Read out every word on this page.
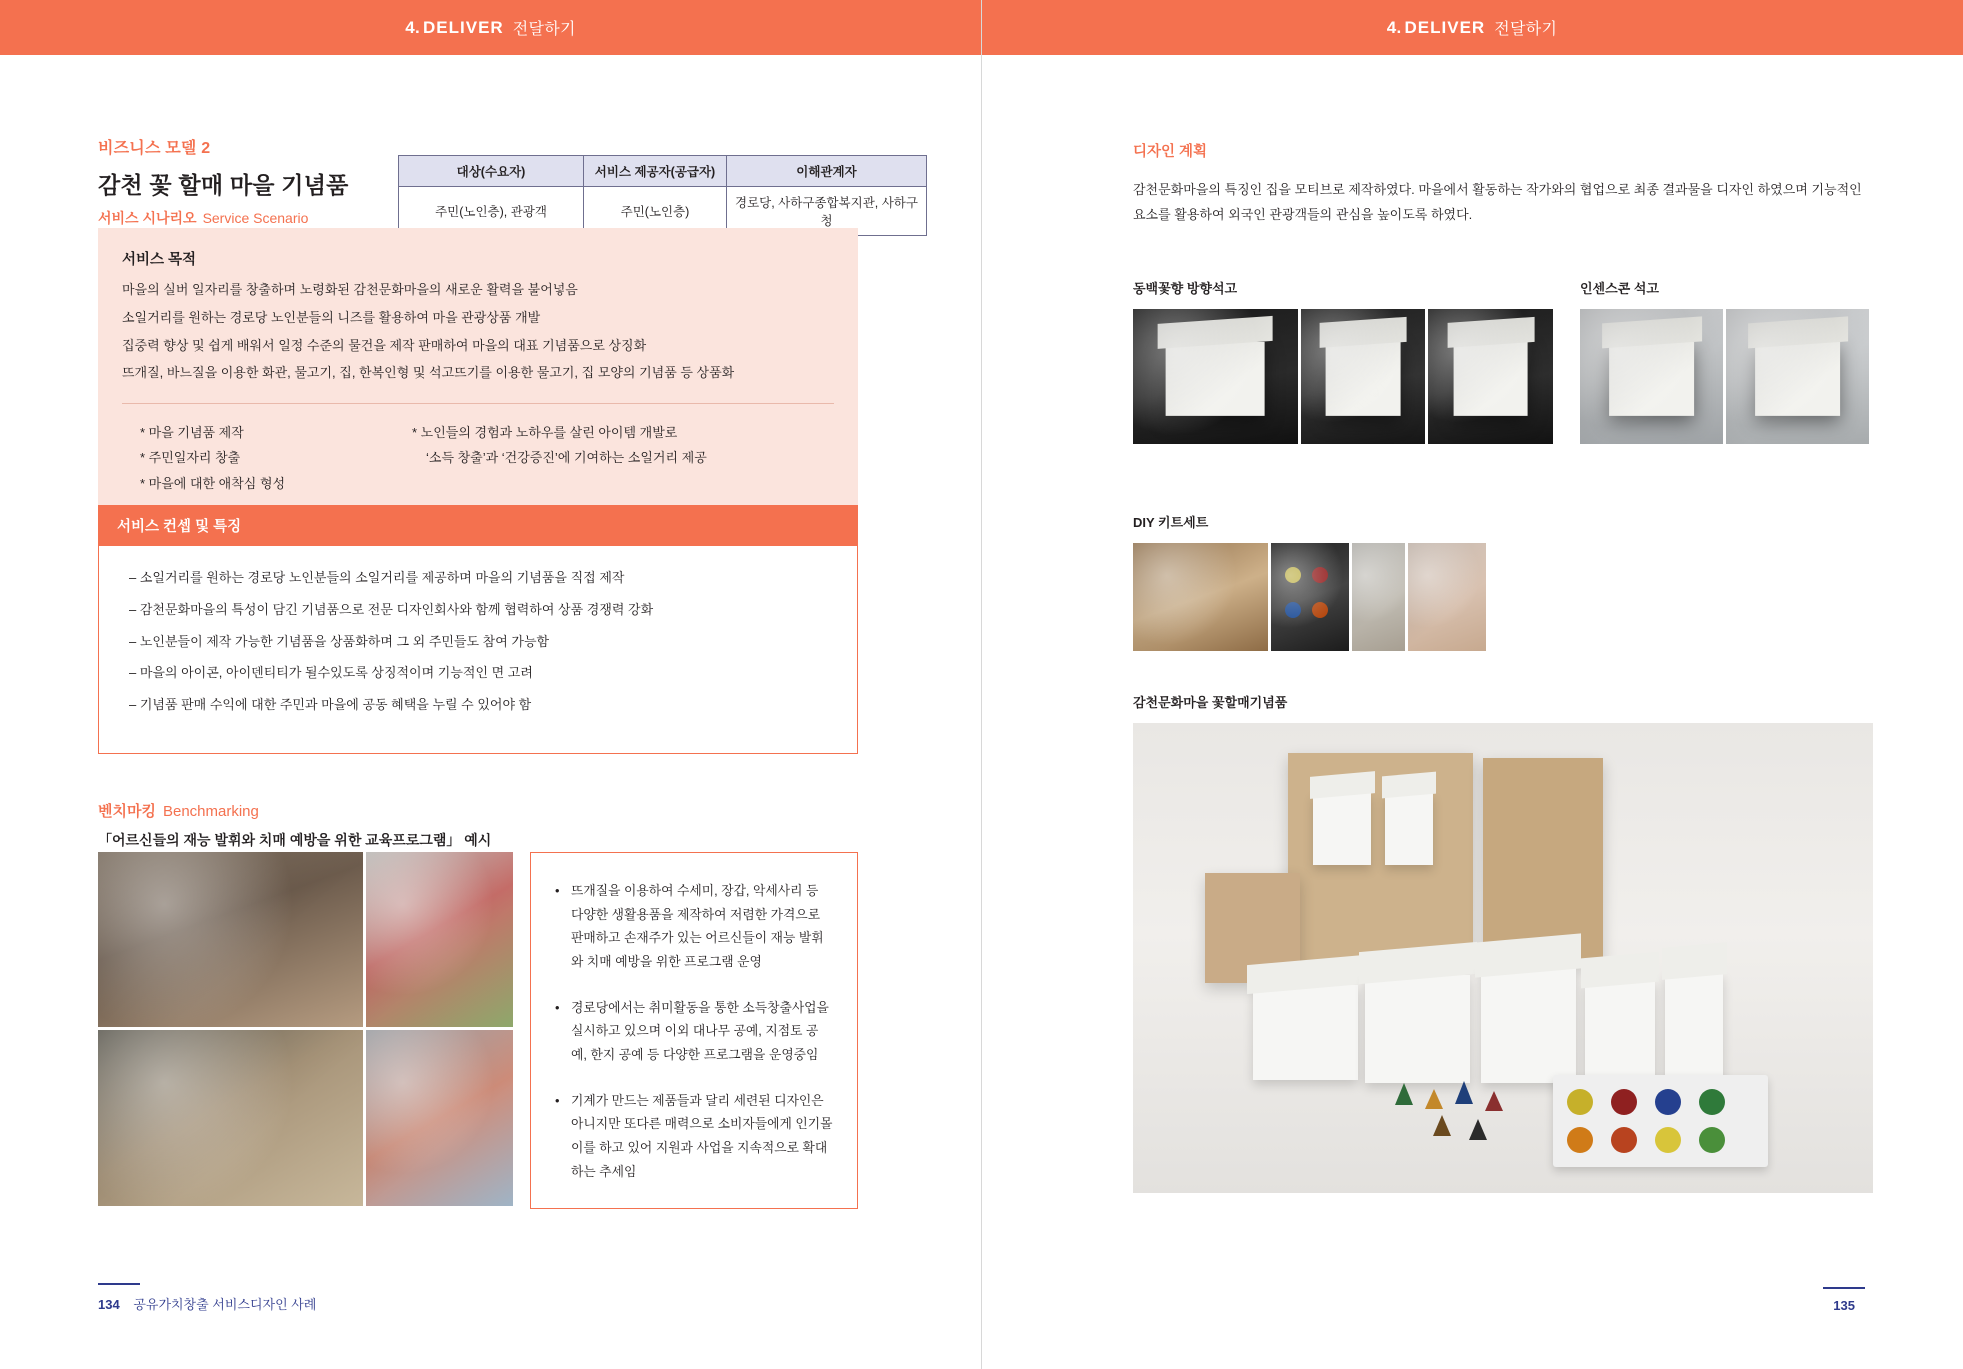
4. DELIVER 전달하기
비즈니스 모델 2
감천 꽃 할매 마을 기념품
서비스 시나리오 Service Scenario
대상(수요자)	서비스 제공자(공급자)	이해관계자
주민(노인층), 관광객	주민(노인층)	경로당, 사하구종합복지관, 사하구청
서비스 목적

마을의 실버 일자리를 창출하며 노령화된 감천문화마을의 새로운 활력을 불어넣음

소일거리를 원하는 경로당 노인분들의 니즈를 활용하여 마을 관광상품 개발

집중력 향상 및 쉽게 배워서 일정 수준의 물건을 제작 판매하여 마을의 대표 기념품으로 상징화

뜨개질, 바느질을 이용한 화관, 물고기, 집, 한복인형 및 석고뜨기를 이용한 물고기, 집 모양의 기념품 등 상품화

* 마을 기념품 제작
* 주민일자리 창출
* 마을에 대한 애착심 형성
* 노인들의 경험과 노하우를 살린 아이템 개발로
‘소득 창출’과 ‘건강증진’에 기여하는 소일거리 제공
서비스 컨셉 및 특징

– 소일거리를 원하는 경로당 노인분들의 소일거리를 제공하며 마을의 기념품을 직접 제작

– 감천문화마을의 특성이 담긴 기념품으로 전문 디자인회사와 함께 협력하여 상품 경쟁력 강화

– 노인분들이 제작 가능한 기념품을 상품화하며 그 외 주민들도 참여 가능함

– 마을의 아이콘, 아이덴티티가 될수있도록 상징적이며 기능적인 면 고려

– 기념품 판매 수익에 대한 주민과 마을에 공동 혜택을 누릴 수 있어야 함

벤치마킹 Benchmarking
「어르신들의 재능 발휘와 치매 예방을 위한 교육프로그램」 예시
• 뜨개질을 이용하여 수세미, 장갑, 악세사리 등 다양한 생활용품을 제작하여 저렴한 가격으로 판매하고 손재주가 있는 어르신들이 재능 발휘와 치매 예방을 위한 프로그램 운영
• 경로당에서는 취미활동을 통한 소득창출사업을 실시하고 있으며 이외 대나무 공예, 지점토 공예, 한지 공예 등 다양한 프로그램을 운영중임
• 기계가 만드는 제품들과 달리 세련된 디자인은 아니지만 또다른 매력으로 소비자들에게 인기몰이를 하고 있어 지원과 사업을 지속적으로 확대하는 추세임
134 공유가치창출 서비스디자인 사례
4. DELIVER 전달하기
디자인 계획
감천문화마을의 특징인 집을 모티브로 제작하였다. 마을에서 활동하는 작가와의 협업으로 최종 결과물을 디자인 하였으며 기능적인 요소를 활용하여 외국인 관광객들의 관심을 높이도록 하였다.
동백꽃향 방향석고	인센스콘 석고
DIY 키트세트
감천문화마을 꽃할매기념품
135
